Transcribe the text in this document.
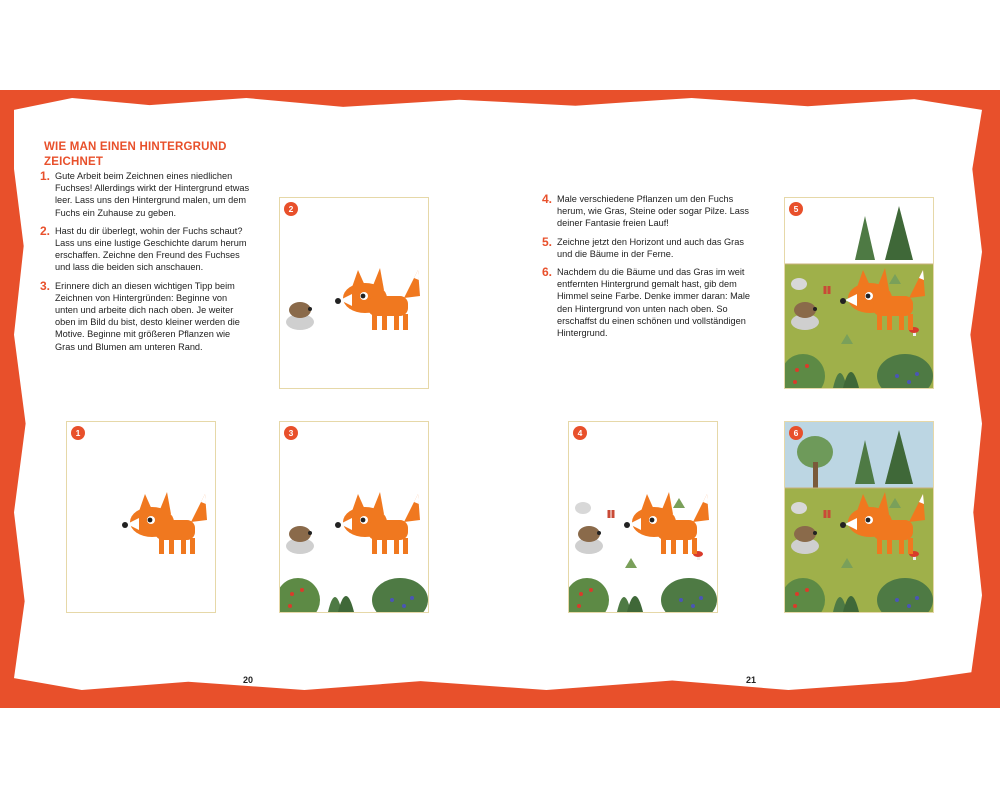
WIE MAN EINEN HINTERGRUND ZEICHNET
1. Gute Arbeit beim Zeichnen eines niedlichen Fuchses! Allerdings wirkt der Hintergrund etwas leer. Lass uns den Hintergrund malen, um dem Fuchs ein Zuhause zu geben.
2. Hast du dir überlegt, wohin der Fuchs schaut? Lass uns eine lustige Geschichte darum herum erschaffen. Zeichne den Freund des Fuchses und lass die beiden sich anschauen.
3. Erinnere dich an diesen wichtigen Tipp beim Zeichnen von Hintergründen: Beginne von unten und arbeite dich nach oben. Je weiter oben im Bild du bist, desto kleiner werden die Motive. Beginne mit größeren Pflanzen wie Gras und Blumen am unteren Rand.
4. Male verschiedene Pflanzen um den Fuchs herum, wie Gras, Steine oder sogar Pilze. Lass deiner Fantasie freien Lauf!
5. Zeichne jetzt den Horizont und auch das Gras und die Bäume in der Ferne.
6. Nachdem du die Bäume und das Gras im weit entfernten Hintergrund gemalt hast, gib dem Himmel seine Farbe. Denke immer daran: Male den Hintergrund von unten nach oben. So erschaffst du einen schönen und vollständigen Hintergrund.
2	5
1	3	4	6
20	21
